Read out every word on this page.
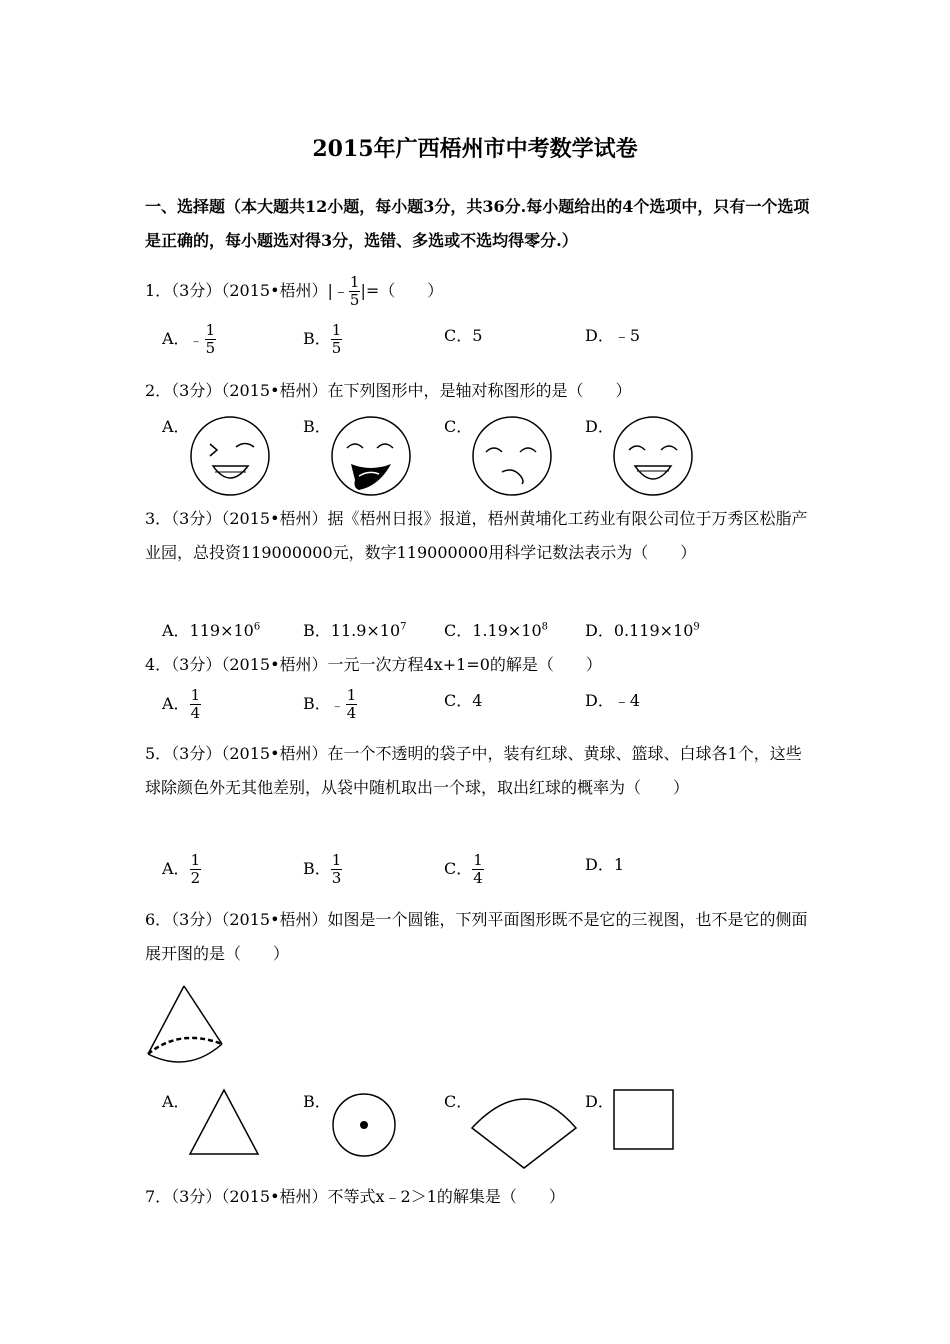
2015年广西梧州市中考数学试卷
一、选择题（本大题共12小题，每小题3分，共36分.每小题给出的4个选项中，只有一个选项是正确的，每小题选对得3分，选错、多选或不选均得零分.）
1．（3分）（2015•梧州）|﹣ $\frac{1}{5}$ |=（　　）
A．﹣ $\frac{1}{5}$	B． $\frac{1}{5}$	C．5	D．﹣5
2．（3分）（2015•梧州）在下列图形中，是轴对称图形的是（　　）
A．	B．	C．	D．
3．（3分）（2015•梧州）据《梧州日报》报道，梧州黄埔化工药业有限公司位于万秀区松脂产业园，总投资119000000元，数字119000000用科学记数法表示为（　　）
A．$119\times 10^6$	B．$11.9\times 10^7$ C．$1.19\times 10^8$ D．$0.119\times 10^9$
4．（3分）（2015•梧州）一元一次方程4x+1=0的解是（　　）
A． $\frac{1}{4}$	B．﹣ $\frac{1}{4}$	C．4	D．﹣4
5．（3分）（2015•梧州）在一个不透明的袋子中，装有红球、黄球、篮球、白球各1个，这些球除颜色外无其他差别，从袋中随机取出一个球，取出红球的概率为（　　）
A． $\frac{1}{2}$	B． $\frac{1}{3}$	C． $\frac{1}{4}$	D．1
6．（3分）（2015•梧州）如图是一个圆锥，下列平面图形既不是它的三视图，也不是它的侧面展开图的是（　　）
A．	B．	C．	D．
7．（3分）（2015•梧州）不等式x﹣2＞1的解集是（　　）
